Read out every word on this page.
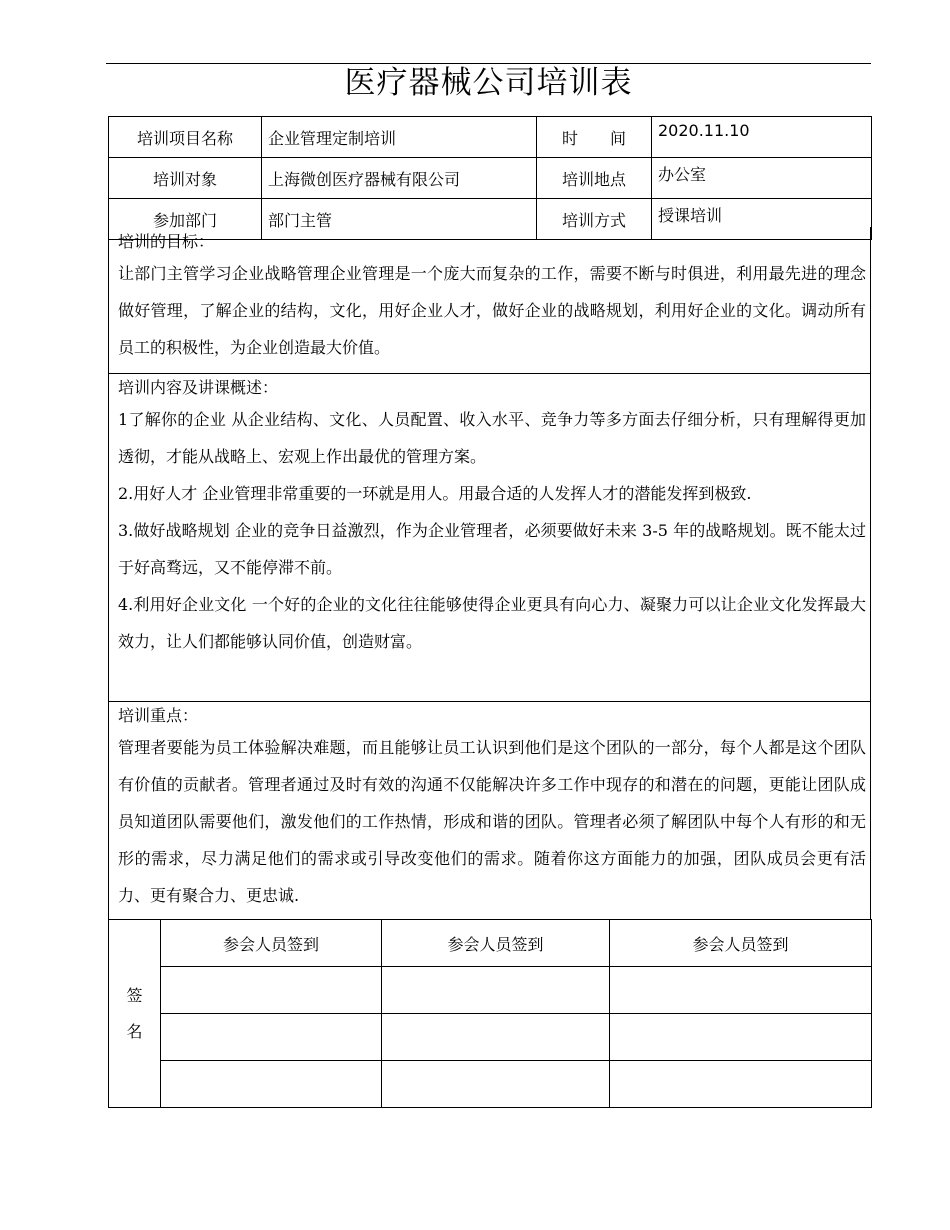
医疗器械公司培训表
培训项目名称	企业管理定制培训	时　　间	2020.11.10
培训对象	上海微创医疗器械有限公司	培训地点	办公室
参加部门	部门主管	培训方式	授课培训
培训的目标：
让部门主管学习企业战略管理企业管理是一个庞大而复杂的工作，需要不断与时俱进，利用最先进的理念做好管理，了解企业的结构，文化，用好企业人才，做好企业的战略规划，利用好企业的文化。调动所有员工的积极性，为企业创造最大价值。
培训内容及讲课概述：

1了解你的企业 从企业结构、文化、人员配置、收入水平、竞争力等多方面去仔细分析，只有理解得更加透彻，才能从战略上、宏观上作出最优的管理方案。

2.用好人才 企业管理非常重要的一环就是用人。用最合适的人发挥人才的潜能发挥到极致.

3.做好战略规划 企业的竞争日益激烈，作为企业管理者，必须要做好未来 3-5 年的战略规划。既不能太过于好高骛远，又不能停滞不前。

4.利用好企业文化 一个好的企业的文化往往能够使得企业更具有向心力、凝聚力可以让企业文化发挥最大效力，让人们都能够认同价值，创造财富。

培训重点：
管理者要能为员工体验解决难题，而且能够让员工认识到他们是这个团队的一部分，每个人都是这个团队有价值的贡献者。管理者通过及时有效的沟通不仅能解决许多工作中现存的和潜在的问题，更能让团队成员知道团队需要他们，激发他们的工作热情，形成和谐的团队。管理者必须了解团队中每个人有形的和无形的需求，尽力满足他们的需求或引导改变他们的需求。随着你这方面能力的加强，团队成员会更有活力、更有聚合力、更忠诚.
签
名	参会人员签到	参会人员签到	参会人员签到
